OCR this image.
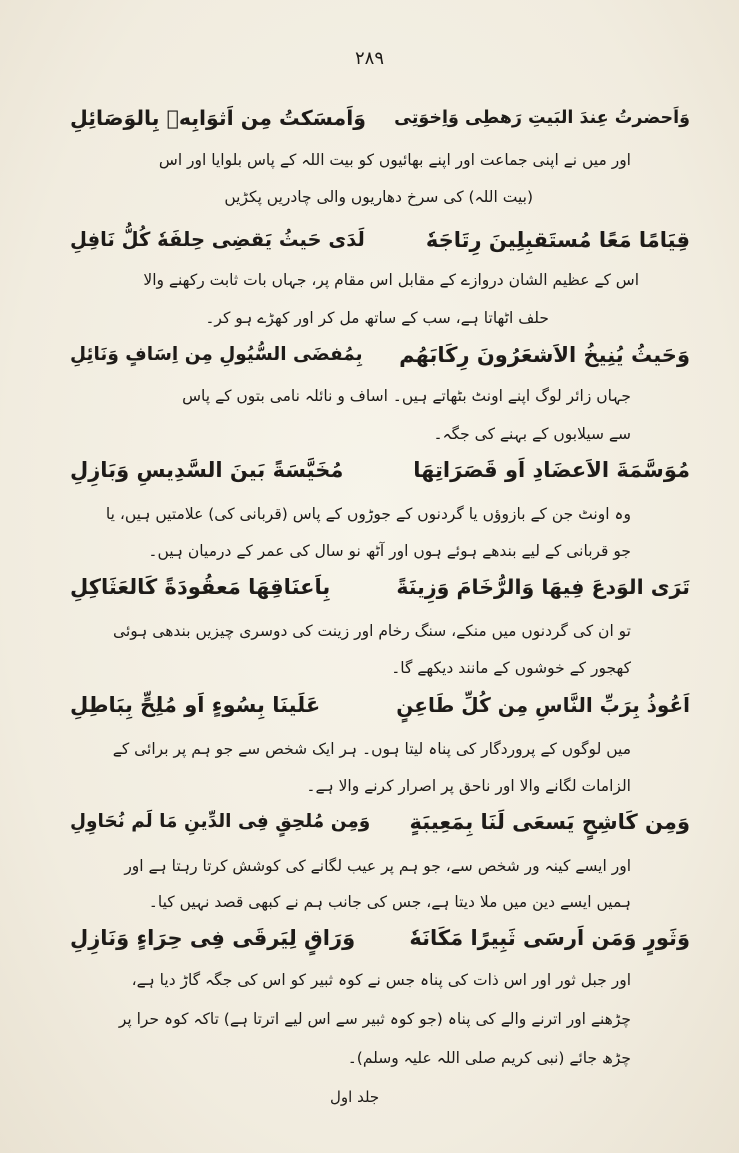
۲۸۹
وَاَحضرتُ عِندَ البَيتِ رَهطِی وَاِخوَتِی
وَاَمسَکتُ مِن اَثوَابِهٖ بِالوَصَائِلِ
اور میں نے اپنی جماعت اور اپنے بھائیوں کو بیت اللہ کے پاس بلوایا اور اس
(بیت اللہ) کی سرخ دھاریوں والی چادریں پکڑیں
قِیَامًا مَعًا مُستَقبِلِینَ رِتَاجَهٗ
لَدَی حَیثُ یَقضِی حِلفَهٗ کُلُّ نَافِلِ
اس کے عظیم الشان دروازے کے مقابل اس مقام پر، جہاں بات ثابت رکھنے والا
حلف اٹھاتا ہے، سب کے ساتھ مل کر اور کھڑے ہو کر۔
وَحَیثُ یُنِیخُ الاَشعَرُونَ رِکَابَهُم
بِمُفضَی السُّیُولِ مِن اِسَافٍ وَنَائِلِ
جہاں زائر لوگ اپنے اونٹ بٹھاتے ہیں۔ اساف و نائلہ نامی بتوں کے پاس
سے سیلابوں کے بہنے کی جگہ۔
مُوَسَّمَةَ الاَعضَادِ اَو قَصَرَاتِهَا
مُخَیَّسَةً بَینَ السَّدِیسِ وَبَازِلِ
وہ اونٹ جن کے بازوؤں یا گردنوں کے جوڑوں کے پاس (قربانی کی) علامتیں ہیں، یا
جو قربانی کے لیے بندھے ہوئے ہوں اور آٹھ نو سال کی عمر کے درمیان ہیں۔
تَرَی الوَدعَ فِیهَا وَالرُّخَامَ وَزِینَةً
بِاَعنَاقِهَا مَعقُودَةً کَالعَثَاکِلِ
تو ان کی گردنوں میں منکے، سنگ رخام اور زینت کی دوسری چیزیں بندھی ہوئی
کھجور کے خوشوں کے مانند دیکھے گا۔
اَعُوذُ بِرَبِّ النَّاسِ مِن کُلِّ طَاعِنٍ
عَلَینَا بِسُوءٍ اَو مُلِحٍّ بِبَاطِلِ
میں لوگوں کے پروردگار کی پناہ لیتا ہوں۔ ہر ایک شخص سے جو ہم پر برائی کے
الزامات لگانے والا اور ناحق پر اصرار کرنے والا ہے۔
وَمِن کَاشِحٍ یَسعَی لَنَا بِمَعِیبَةٍ
وَمِن مُلحِقٍ فِی الدِّینِ مَا لَم نُحَاوِلِ
اور ایسے کینہ ور شخص سے، جو ہم پر عیب لگانے کی کوشش کرتا رہتا ہے اور
ہمیں ایسے دین میں ملا دیتا ہے، جس کی جانب ہم نے کبھی قصد نہیں کیا۔
وَثَورٍ وَمَن اَرسَی ثَبِیرًا مَکَانَهٗ
وَرَاقٍ لِیَرقَی فِی حِرَاءٍ وَنَازِلِ
اور جبل ثور اور اس ذات کی پناہ جس نے کوہ ثبیر کو اس کی جگہ گاڑ دیا ہے،
چڑھنے اور اترنے والے کی پناہ (جو کوہ ثبیر سے اس لیے اترتا ہے) تاکہ کوہ حرا پر
چڑھ جائے (نبی کریم صلی اللہ علیہ وسلم)۔
جلد اول
